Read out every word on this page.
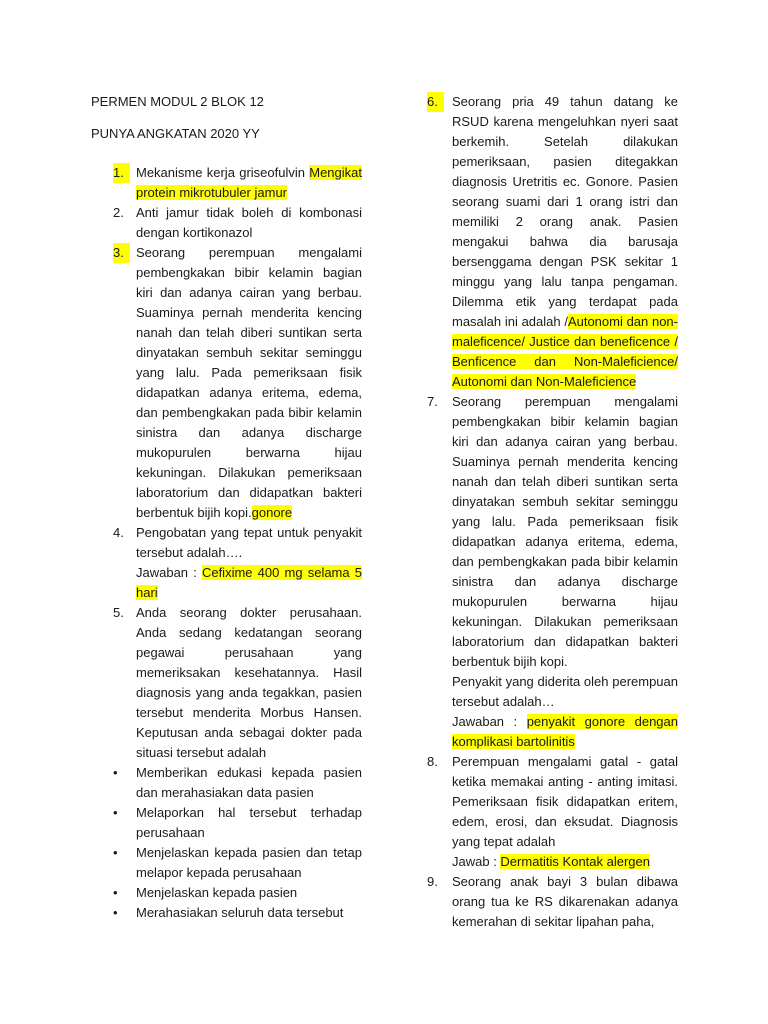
PERMEN MODUL 2 BLOK 12
PUNYA ANGKATAN 2020 YY
1. Mekanisme kerja griseofulvin Mengikat protein mikrotubuler jamur
2. Anti jamur tidak boleh di kombonasi dengan kortikonazol
3. Seorang perempuan mengalami pembengkakan bibir kelamin bagian kiri dan adanya cairan yang berbau. Suaminya pernah menderita kencing nanah dan telah diberi suntikan serta dinyatakan sembuh sekitar seminggu yang lalu. Pada pemeriksaan fisik didapatkan adanya eritema, edema, dan pembengkakan pada bibir kelamin sinistra dan adanya discharge mukopurulen berwarna hijau kekuningan. Dilakukan pemeriksaan laboratorium dan didapatkan bakteri berbentuk bijih kopi.gonore
4. Pengobatan yang tepat untuk penyakit tersebut adalah….
Jawaban : Cefixime 400 mg selama 5 hari
5. Anda seorang dokter perusahaan. Anda sedang kedatangan seorang pegawai perusahaan yang memeriksakan kesehatannya. Hasil diagnosis yang anda tegakkan, pasien tersebut menderita Morbus Hansen. Keputusan anda sebagai dokter pada situasi tersebut adalah
• Memberikan edukasi kepada pasien dan merahasiakan data pasien
• Melaporkan hal tersebut terhadap perusahaan
• Menjelaskan kepada pasien dan tetap melapor kepada perusahaan
• Menjelaskan kepada pasien
• Merahasiakan seluruh data tersebut
6.	Seorang pria 49 tahun datang ke RSUD karena mengeluhkan nyeri saat berkemih. Setelah dilakukan pemeriksaan, pasien ditegakkan diagnosis Uretritis ec. Gonore. Pasien seorang suami dari 1 orang istri dan memiliki 2 orang anak. Pasien mengakui bahwa dia barusaja bersenggama dengan PSK sekitar 1 minggu yang lalu tanpa pengaman. Dilemma etik yang terdapat pada masalah ini adalah /Autonomi dan non-maleficence/ Justice dan beneficence / Benficence dan Non-Maleficience/ Autonomi dan Non-Maleficience
7. Seorang perempuan mengalami pembengkakan bibir kelamin bagian kiri dan adanya cairan yang berbau. Suaminya pernah menderita kencing nanah dan telah diberi suntikan serta dinyatakan sembuh sekitar seminggu yang lalu. Pada pemeriksaan fisik didapatkan adanya eritema, edema, dan pembengkakan pada bibir kelamin sinistra dan adanya discharge mukopurulen berwarna hijau kekuningan. Dilakukan pemeriksaan laboratorium dan didapatkan bakteri berbentuk bijih kopi.
Penyakit yang diderita oleh perempuan tersebut adalah…
Jawaban : penyakit gonore dengan komplikasi bartolinitis
8. Perempuan mengalami gatal - gatal ketika memakai anting - anting imitasi. Pemeriksaan fisik didapatkan eritem, edem, erosi, dan eksudat. Diagnosis yang tepat adalah
Jawab : Dermatitis Kontak alergen
9. Seorang anak bayi 3 bulan dibawa orang tua ke RS dikarenakan adanya kemerahan di sekitar lipahan paha,
